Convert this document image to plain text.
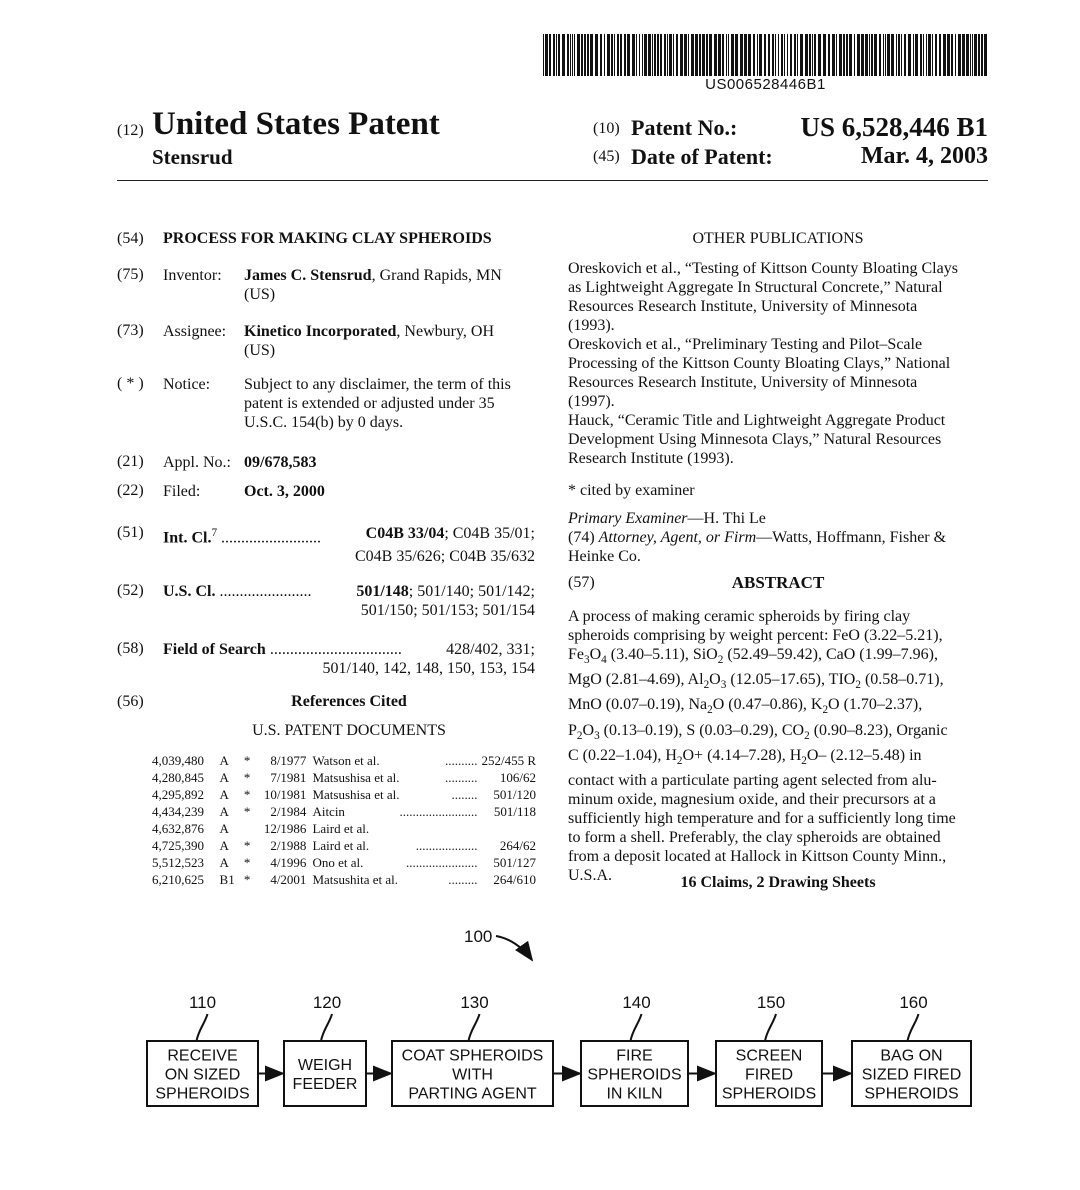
US006528446B1
(12) United States Patent
Stensrud
(10) Patent No.: US 6,528,446 B1
(45) Date of Patent:	Mar. 4, 2003
(54) PROCESS FOR MAKING CLAY SPHEROIDS
(75) Inventor: James C. Stensrud, Grand Rapids, MN
(US)
(73) Assignee: Kinetico Incorporated, Newbury, OH
(US)
( * ) Notice: Subject to any disclaimer, the term of this
patent is extended or adjusted under 35
U.S.C. 154(b) by 0 days.
(21) Appl. No.: 09/678,583
(22) Filed:	Oct. 3, 2000
(51) Int. Cl.$^7$ .........................	C04B 33/04; C04B 35/01;
C04B 35/626; C04B 35/632
(52) U.S. Cl. .......................	501/148; 501/140; 501/142;
501/150; 501/153; 501/154
(58) Field of Search .................................	428/402, 331;
501/140, 142, 148, 150, 153, 154
(56)	References Cited
U.S. PATENT DOCUMENTS
4,039,480	A	*	8/1977	Watson et al.	..........	252/455 R
4,280,845	A	*	7/1981	Matsushisa et al.	..........	106/62
4,295,892	A	*	10/1981	Matsushisa et al.	........	501/120
4,434,239	A	*	2/1984	Aitcin	........................	501/118
4,632,876	A		12/1986	Laird et al.		
4,725,390	A	*	2/1988	Laird et al.	...................	264/62
5,512,523	A	*	4/1996	Ono et al.	......................	501/127
6,210,625	B1	*	4/2001	Matsushita et al.	.........	264/610
OTHER PUBLICATIONS
Oreskovich et al., “Testing of Kittson County Bloating Clays
as Lightweight Aggregate In Structural Concrete,” Natural
Resources Research Institute, University of Minnesota
(1993).
Oreskovich et al., “Preliminary Testing and Pilot–Scale
Processing of the Kittson County Bloating Clays,” National
Resources Research Institute, University of Minnesota
(1997).
Hauck, “Ceramic Title and Lightweight Aggregate Product
Development Using Minnesota Clays,” Natural Resources
Research Institute (1993).
* cited by examiner
Primary Examiner—H. Thi Le
(74) Attorney, Agent, or Firm—Watts, Hoffmann, Fisher &
Heinke Co.
(57)	ABSTRACT
A process of making ceramic spheroids by firing clay
spheroids comprising by weight percent: FeO (3.22–5.21),
$Fe_3O_4$ (3.40–5.11), SiO$_2$ (52.49–59.42), CaO (1.99–7.96),
MgO (2.81–4.69), $Al_2O_3$ (12.05–17.65), $TIO_2$ (0.58–0.71),
MnO (0.07–0.19), $Na_2O$ (0.47–0.86), $K_2O$ (1.70–2.37),
$P_2O_3$ (0.13–0.19), S (0.03–0.29), $CO_2$ (0.90–8.23), Organic
C (0.22–1.04), $H_2O+ (4.14-7.28)$, $H_2O-$ (2.12–5.48) in
contact with a particulate parting agent selected from alu-
minum oxide, magnesium oxide, and their precursors at a
sufficiently high temperature and for a sufficiently long time
to form a shell. Preferably, the clay spheroids are obtained
from a deposit located at Hallock in Kittson County Minn.,
U.S.A.	16 Claims, 2 Drawing Sheets
100
RECEIVE
ON SIZED
SPHEROIDS
110
WEIGH
FEEDER
120
COAT SPHEROIDS
WITH
PARTING AGENT
130
FIRE
SPHEROIDS
IN KILN
140
SCREEN
FIRED
SPHEROIDS
150
BAG ON
SIZED FIRED
SPHEROIDS
160
